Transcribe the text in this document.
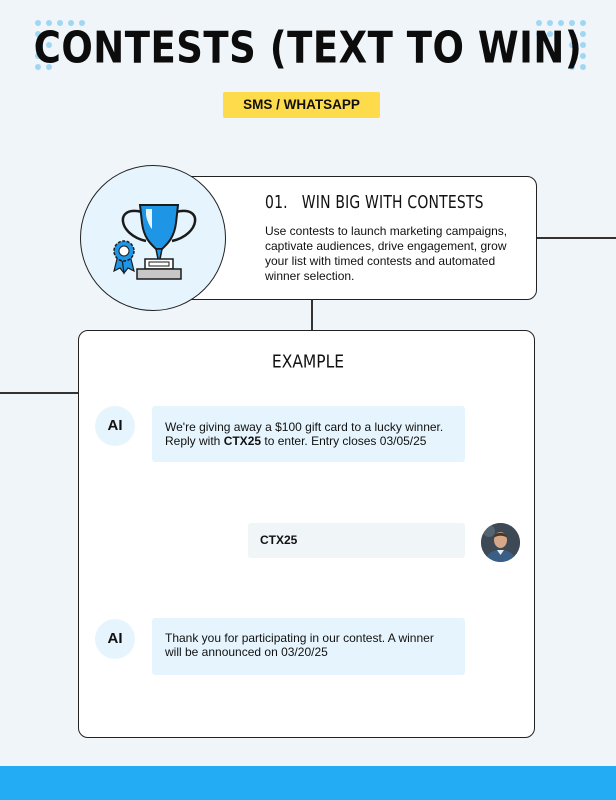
CONTESTS (TEXT TO WIN)
SMS / WHATSAPP
01. WIN BIG WITH CONTESTS

Use contests to launch marketing campaigns, captivate audiences, drive engagement, grow your list with timed contests and automated winner selection.

EXAMPLE
AI	We're giving away a $100 gift card to a lucky winner.
Reply with CTX25 to enter. Entry closes 03/05/25
CTX25
AI	Thank you for participating in our contest. A winner
will be announced on 03/20/25
